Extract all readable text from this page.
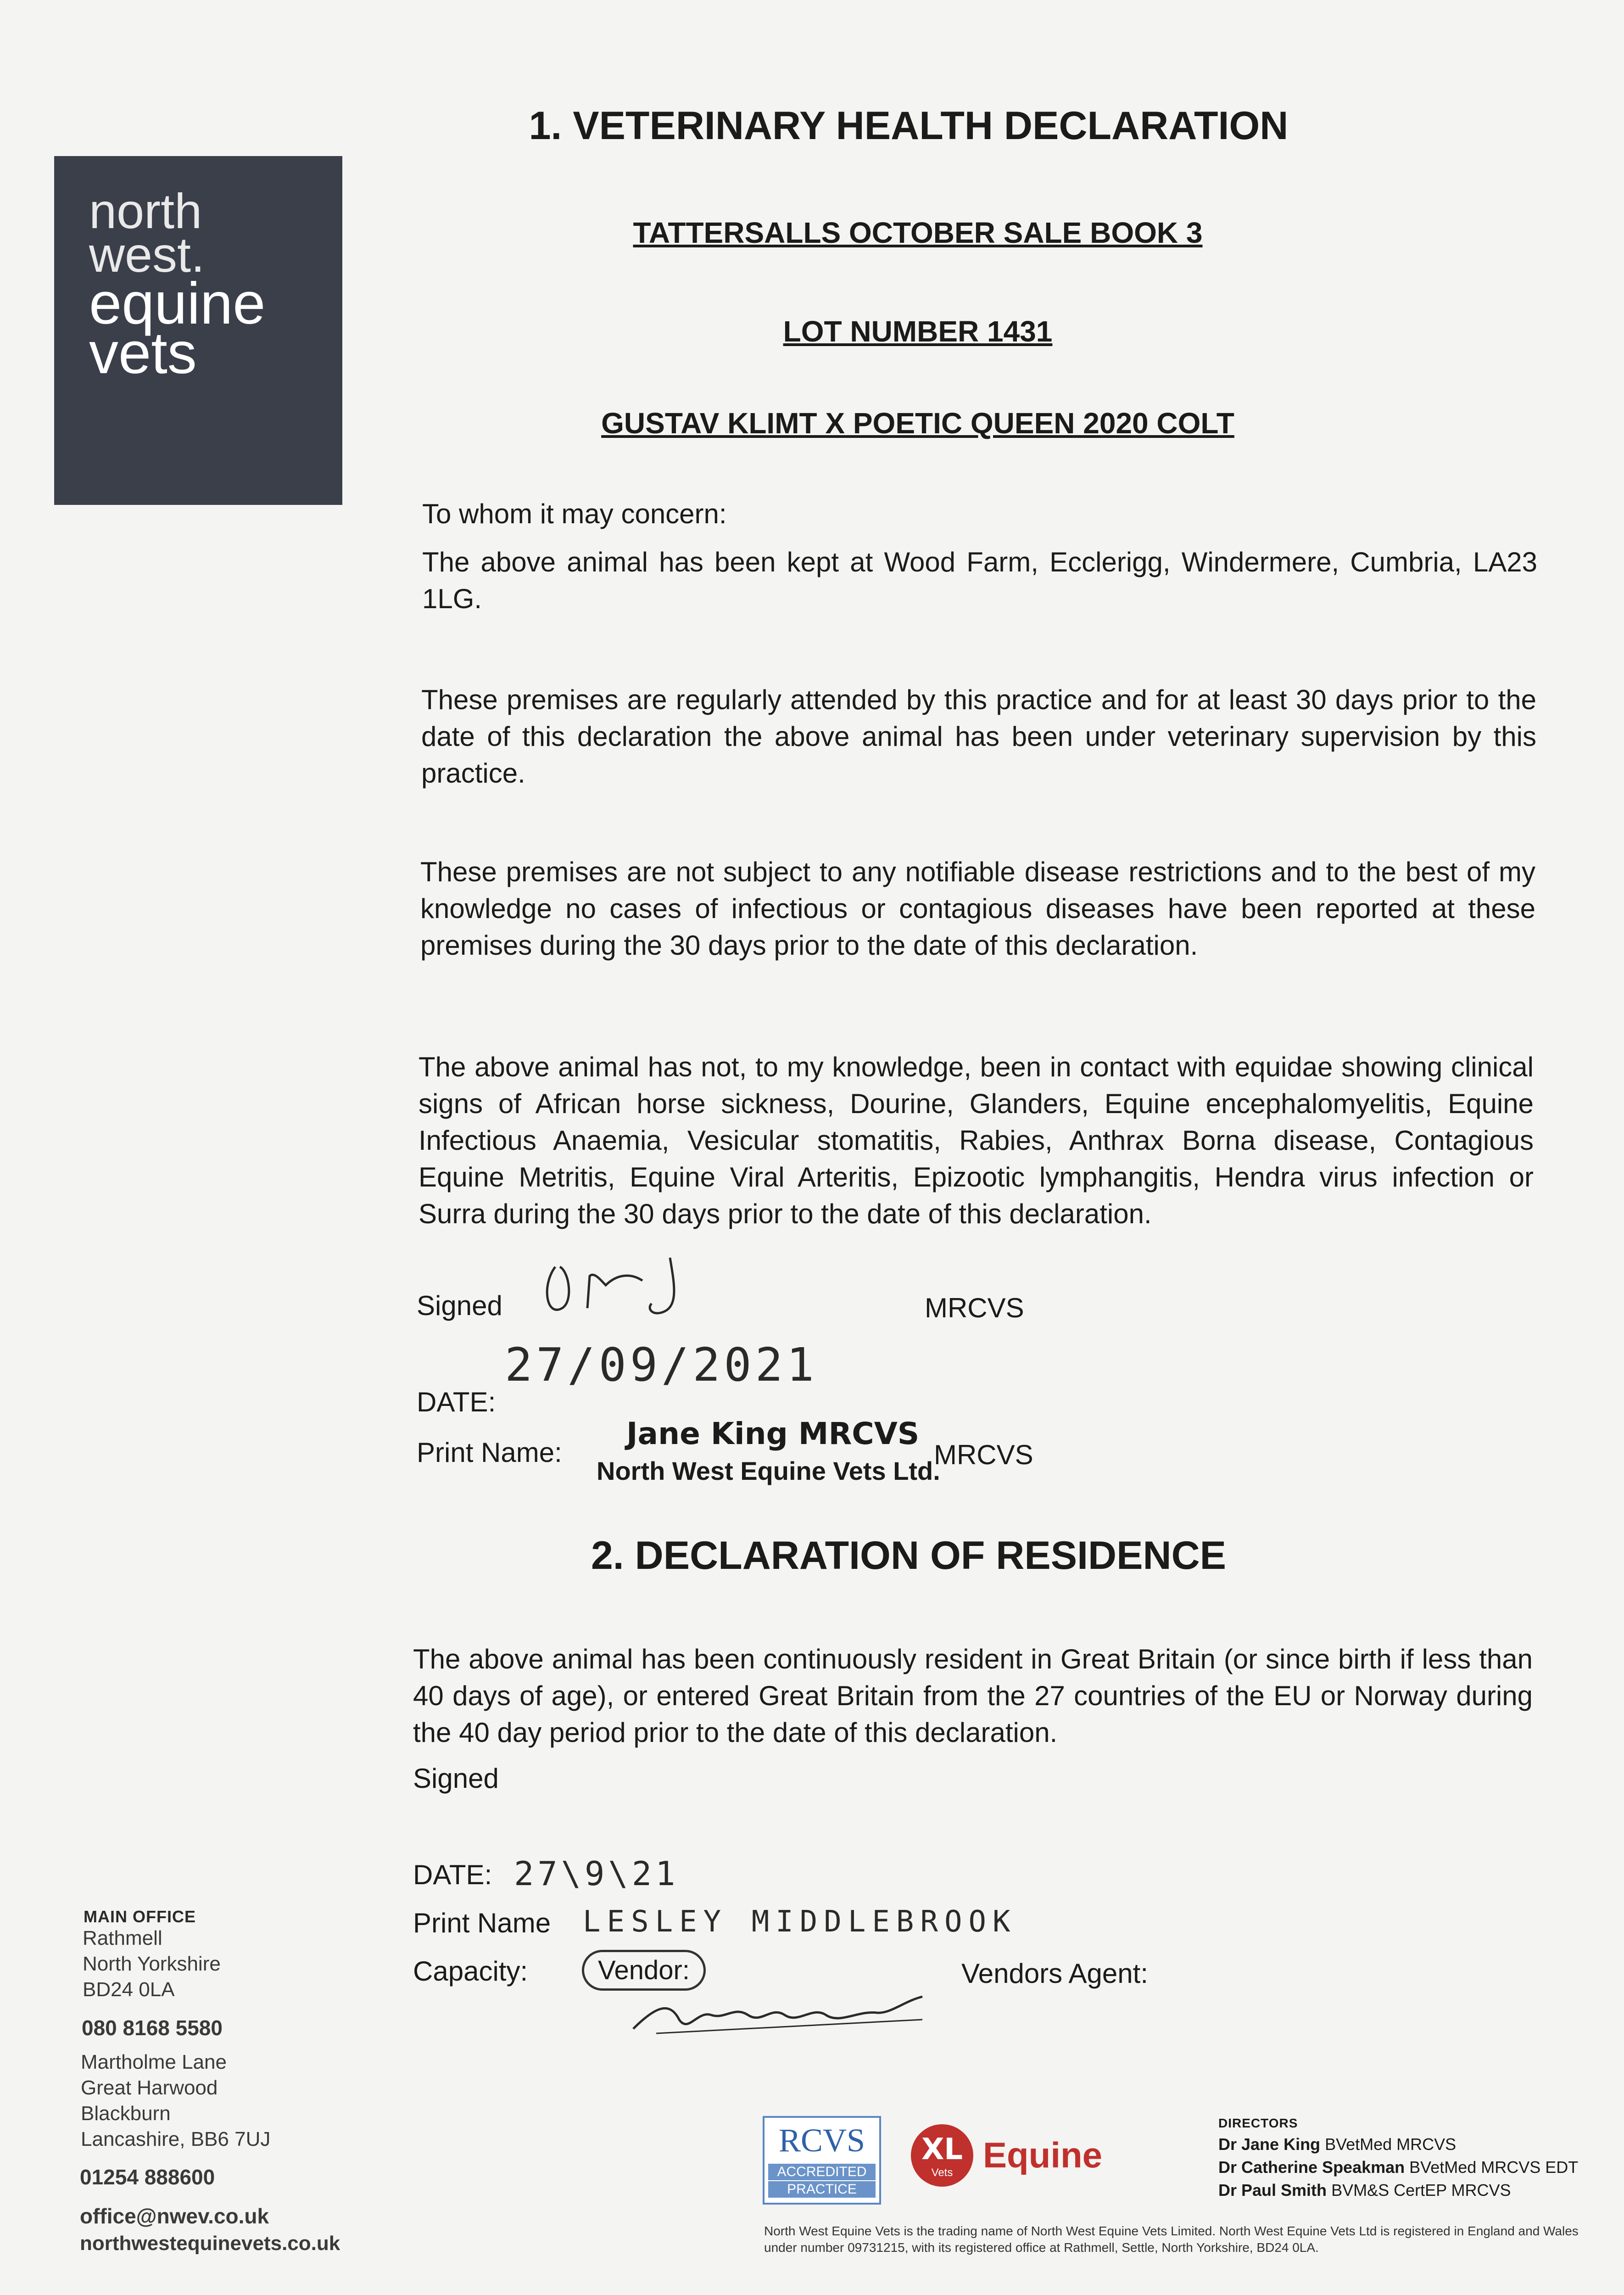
north
west.
equine
vets
1. VETERINARY HEALTH DECLARATION
TATTERSALLS OCTOBER SALE BOOK 3
LOT NUMBER 1431
GUSTAV KLIMT X POETIC QUEEN 2020 COLT
To whom it may concern:
The above animal has been kept at Wood Farm, Ecclerigg, Windermere, Cumbria, LA23 1LG.
These premises are regularly attended by this practice and for at least 30 days prior to the date of this declaration the above animal has been under veterinary supervision by this practice.
These premises are not subject to any notifiable disease restrictions and to the best of my knowledge no cases of infectious or contagious diseases have been reported at these premises during the 30 days prior to the date of this declaration.
The above animal has not, to my knowledge, been in contact with equidae showing clinical signs of African horse sickness, Dourine, Glanders, Equine encephalomyelitis, Equine Infectious Anaemia, Vesicular stomatitis, Rabies, Anthrax Borna disease, Contagious Equine Metritis, Equine Viral Arteritis, Epizootic lymphangitis, Hendra virus infection or Surra during the 30 days prior to the date of this declaration.
Signed	MRCVS
27/09/2021
DATE:
Print Name:
Jane King MRCVS
North West Equine Vets Ltd.
MRCVS
2. DECLARATION OF RESIDENCE
The above animal has been continuously resident in Great Britain (or since birth if less than 40 days of age), or entered Great Britain from the 27 countries of the EU or Norway during the 40 day period prior to the date of this declaration.
Signed
DATE: 27\9\21
Print Name LESLEY MIDDLEBROOK
Capacity:	Vendor:	Vendors Agent:
MAIN OFFICE
Rathmell
North Yorkshire
BD24 0LA
080 8168 5580
Martholme Lane
Great Harwood
Blackburn
Lancashire, BB6 7UJ
01254 888600
office@nwev.co.uk
northwestequinevets.co.uk
RCVS
ACCREDITED
PRACTICE
XL
Vets Equine
DIRECTORS
Dr Jane King BVetMed MRCVS
Dr Catherine Speakman BVetMed MRCVS EDT
Dr Paul Smith BVM&S CertEP MRCVS
North West Equine Vets is the trading name of North West Equine Vets Limited. North West Equine Vets Ltd is registered in England and Wales under number 09731215, with its registered office at Rathmell, Settle, North Yorkshire, BD24 0LA.
